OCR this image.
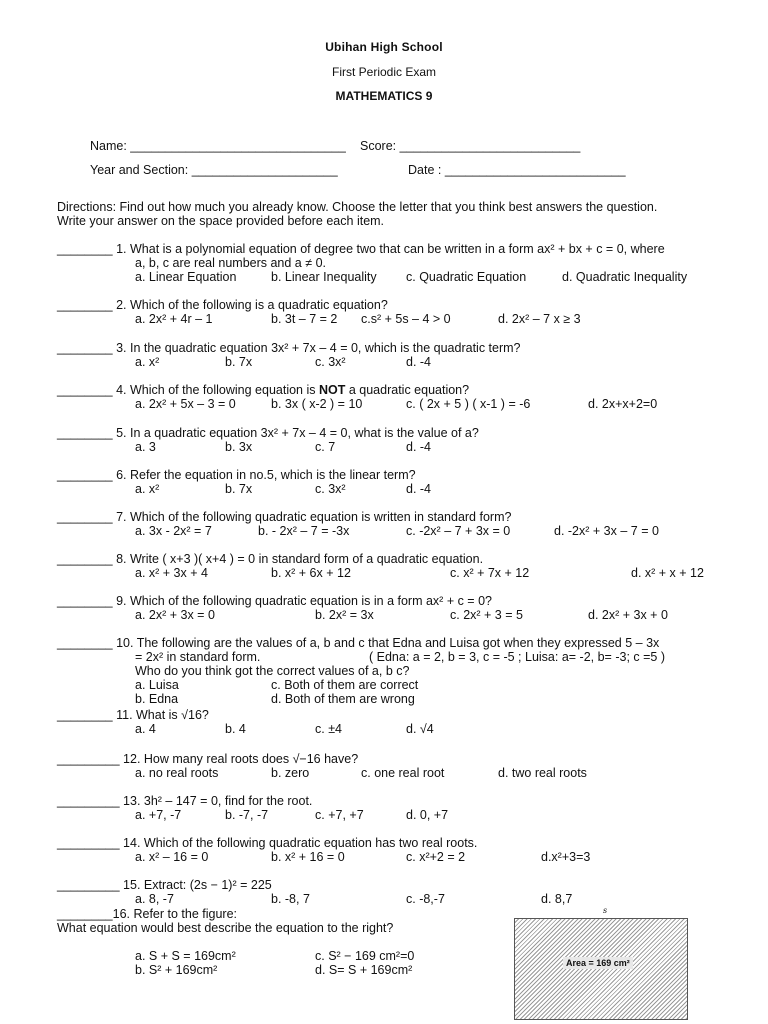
Ubihan High School
First Periodic Exam
MATHEMATICS 9
Name: _______________________________ Score: __________________________
Year and Section: _____________________	Date : __________________________
Directions: Find out how much you already know. Choose the letter that you think best answers the question.
Write your answer on the space provided before each item.
________ 1. What is a polynomial equation of degree two that can be written in a form ax² + bx + c = 0, where
a, b, c are real numbers and a ≠ 0.
a. Linear Equation	b. Linear Inequality c. Quadratic Equation	d. Quadratic Inequality
________ 2. Which of the following is a quadratic equation?
a. 2x² + 4r – 1	b. 3t – 7 = 2 c.s² + 5s – 4 > 0	d. 2x² – 7 x ≥ 3
________ 3. In the quadratic equation 3x² + 7x – 4 = 0, which is the quadratic term?
a. x²	b. 7x	c. 3x²	d. -4
________ 4. Which of the following equation is NOT a quadratic equation?
a. 2x² + 5x – 3 = 0	b. 3x ( x-2 ) = 10	c. ( 2x + 5 ) ( x-1 ) = -6	d. 2x+x+2=0
________ 5. In a quadratic equation 3x² + 7x – 4 = 0, what is the value of a?
a. 3	b. 3x	c. 7	d. -4
________ 6. Refer the equation in no.5, which is the linear term?
a. x²	b. 7x	c. 3x²	d. -4
________ 7. Which of the following quadratic equation is written in standard form?
a. 3x - 2x² = 7	b. - 2x² – 7 = -3x	c. -2x² – 7 + 3x = 0	d. -2x² + 3x – 7 = 0
________ 8. Write ( x+3 )( x+4 ) = 0 in standard form of a quadratic equation.
a. x² + 3x + 4	b. x² + 6x + 12	c. x² + 7x + 12	d. x² + x + 12
________ 9. Which of the following quadratic equation is in a form ax² + c = 0?
a. 2x² + 3x = 0	b. 2x² = 3x	c. 2x² + 3 = 5	d. 2x² + 3x + 0
________ 10. The following are the values of a, b and c that Edna and Luisa got when they expressed 5 – 3x
= 2x² in standard form.	( Edna: a = 2, b = 3, c = -5 ; Luisa: a= -2, b= -3; c =5 )
Who do you think got the correct values of a, b c?
a. Luisa	c. Both of them are correct
b. Edna	d. Both of them are wrong
________ 11. What is √16?
a. 4	b. 4	c. ±4	d. √4
_________ 12. How many real roots does √−16 have?
a. no real roots	b. zero	c. one real root	d. two real roots
_________ 13. 3h² – 147 = 0, find for the root.
a. +7, -7	b. -7, -7	c. +7, +7	d. 0, +7
_________ 14. Which of the following quadratic equation has two real roots.
a. x² – 16 = 0	b. x² + 16 = 0	c. x²+2 = 2	d.x²+3=3
_________ 15. Extract: (2s − 1)² = 225
a. 8, -7	b. -8, 7	c. -8,-7	d. 8,7
________16. Refer to the figure:
What equation would best describe the equation to the right?
a. S + S = 169cm²	c. S² − 169 cm²=0
b. S² + 169cm²	d. S= S + 169cm²
s
Area = 169 cm²
